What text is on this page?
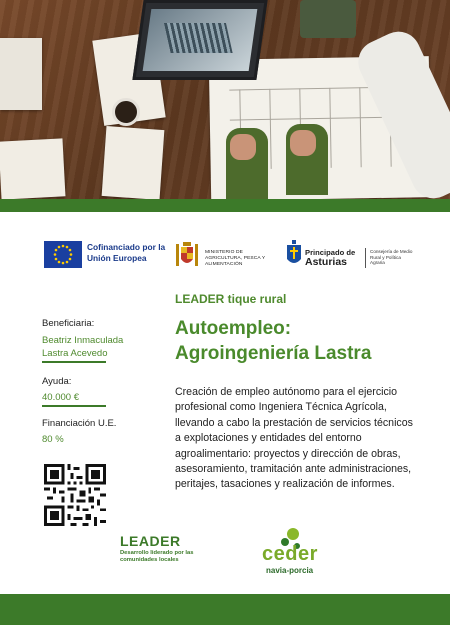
Cofinanciado por la Unión Europea
MINISTERIO DE AGRICULTURA, PESCA Y ALIMENTACIÓN
Principado de
Asturias
Consejería de Medio Rural y Política Agraria
LEADER tique rural
Beneficiaria:
Beatriz Inmaculada
Lastra Acevedo
Ayuda:
40.000 €
Financiación U.E.
80 %
Autoempleo:
Agroingeniería Lastra
Creación de empleo autónomo para el ejercicio profesional como Ingeniera Técnica Agrícola, llevando a cabo la prestación de servicios técnicos a explotaciones y entidades del entorno agroalimentario: proyectos y dirección de obras, asesoramiento, tramitación ante administraciones, peritajes, tasaciones y realización de informes.
LEADER
Desarrollo liderado por las comunidades locales	ceder
navia-porcia
